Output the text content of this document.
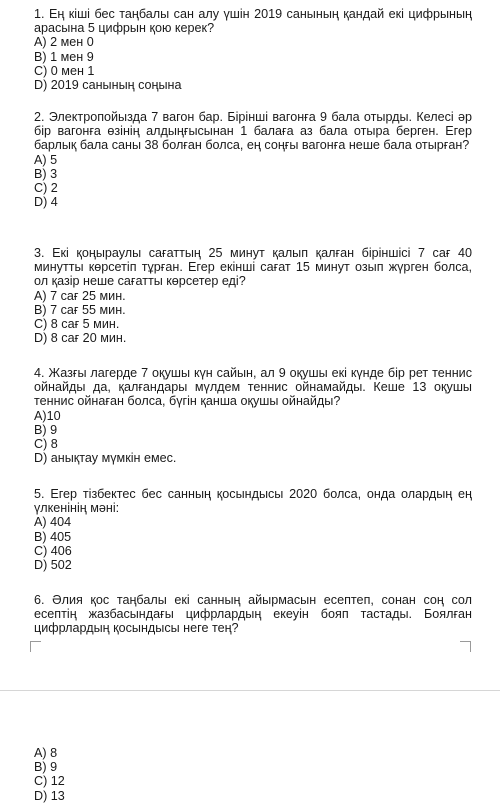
1. Ең кіші бес таңбалы сан алу үшін 2019 санының қандай екі цифрының арасына 5 цифрын қою керек?

A) 2 мен 0

B) 1 мен 9

C) 0 мен 1

D) 2019 санының соңына

2. Электропойызда 7 вагон бар. Бірінші вагонға 9 бала отырды. Келесі әр бір вагонға өзінің алдыңғысынан 1 балаға аз бала отыра берген. Егер барлық бала саны 38 болған болса, ең соңғы вагонға неше бала отырған?

A) 5

B) 3

C) 2

D) 4

3. Екі қоңыраулы сағаттың 25 минут қалып қалған біріншісі 7 сағ 40 минутты көрсетіп тұрған. Егер екінші сағат 15 минут озып жүрген болса, ол қазір неше сағатты көрсетер еді?

A) 7 сағ 25 мин.

B) 7 сағ 55 мин.

C) 8 сағ 5 мин.

D) 8 сағ 20 мин.

4. Жазғы лагерде 7 оқушы күн сайын, ал 9 оқушы екі күнде бір рет теннис ойнайды да, қалғандары мүлдем теннис ойнамайды. Кеше 13 оқушы теннис ойнаған болса, бүгін қанша оқушы ойнайды?

A)10

B) 9

C) 8

D) анықтау мүмкін емес.

5. Егер тізбектес бес санның қосындысы 2020 болса, онда олардың ең үлкенінің мәні:

A) 404

B) 405

C) 406

D) 502

6. Әлия қос таңбалы екі санның айырмасын есептеп, сонан соң сол есептің жазбасындағы цифрлардың екеуін бояп тастады. Боялған цифрлардың қосындысы неге тең?

A) 8

B) 9

C) 12

D) 13
